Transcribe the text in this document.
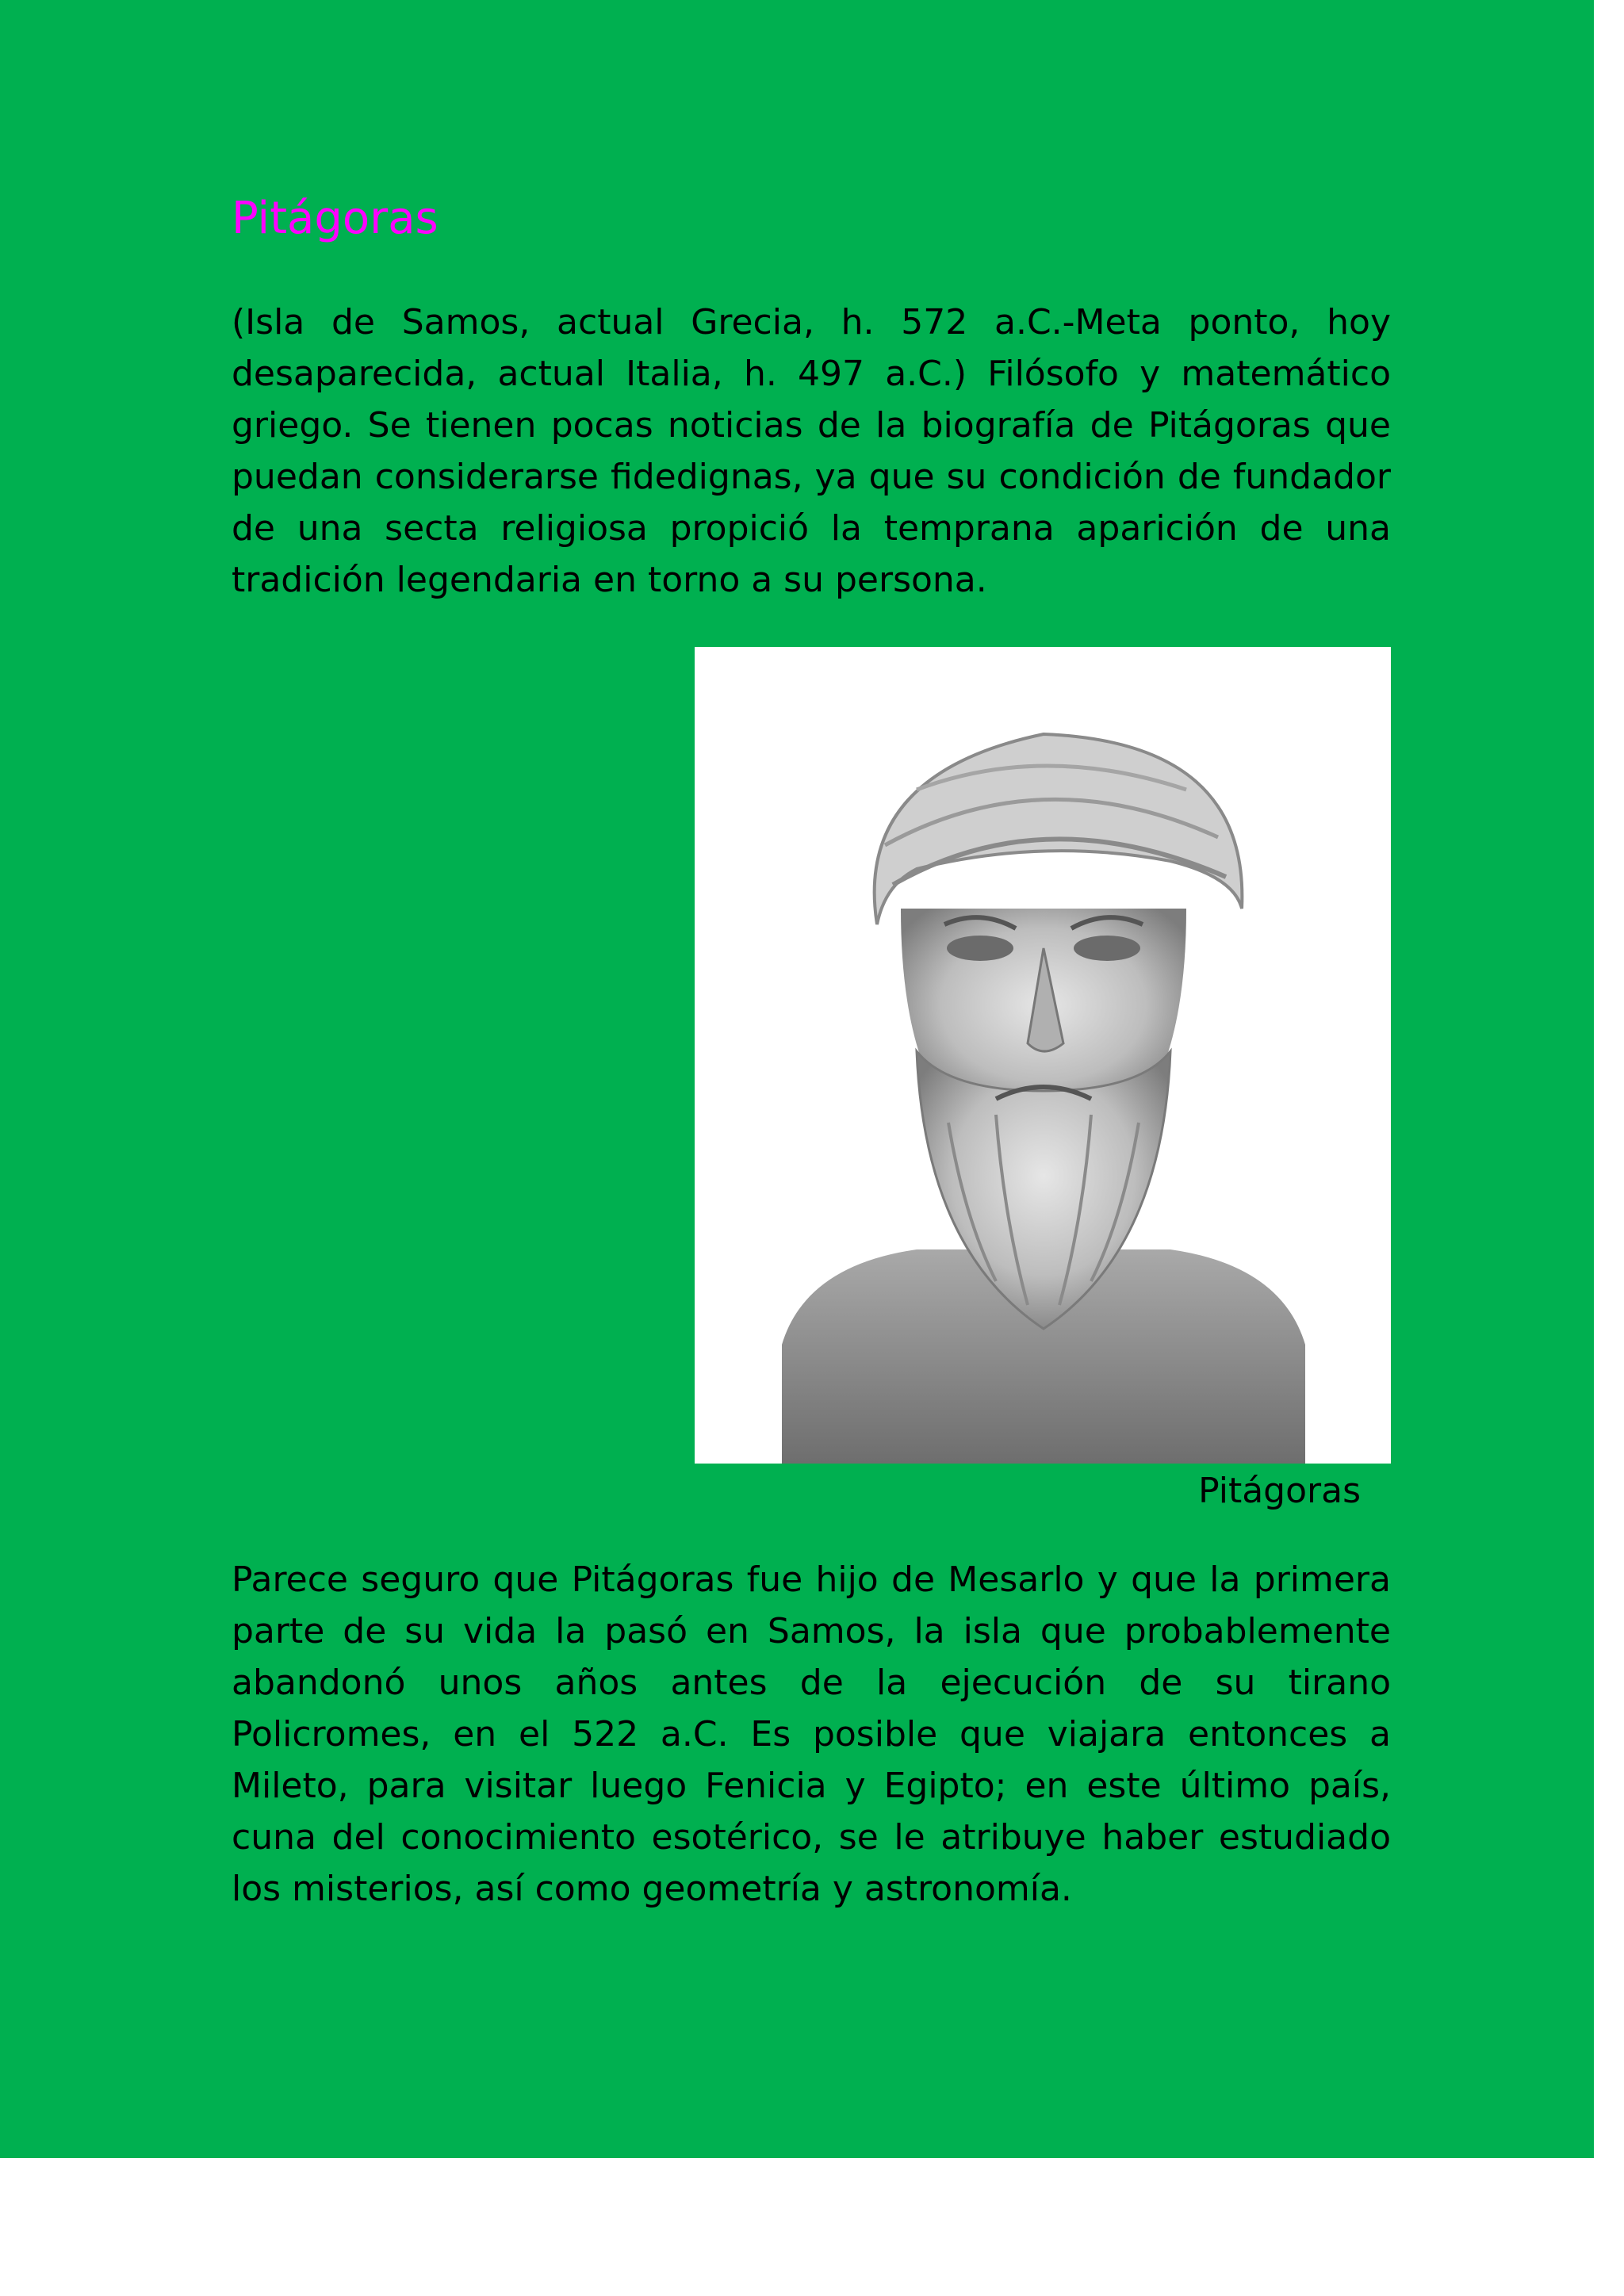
Pitágoras

(Isla de Samos, actual Grecia, h. 572 a.C.-Meta ponto, hoy desaparecida, actual Italia, h. 497 a.C.) Filósofo y matemático griego. Se tienen pocas noticias de la biografía de Pitágoras que puedan considerarse fidedignas, ya que su condición de fundador de una secta religiosa propició la temprana aparición de una tradición legendaria en torno a su persona.

Pitágoras

Parece seguro que Pitágoras fue hijo de Mesarlo y que la primera parte de su vida la pasó en Samos, la isla que probablemente abandonó unos años antes de la ejecución de su tirano Policromes, en el 522 a.C. Es posible que viajara entonces a Mileto, para visitar luego Fenicia y Egipto; en este último país, cuna del conocimiento esotérico, se le atribuye haber estudiado los misterios, así como geometría y astronomía.
